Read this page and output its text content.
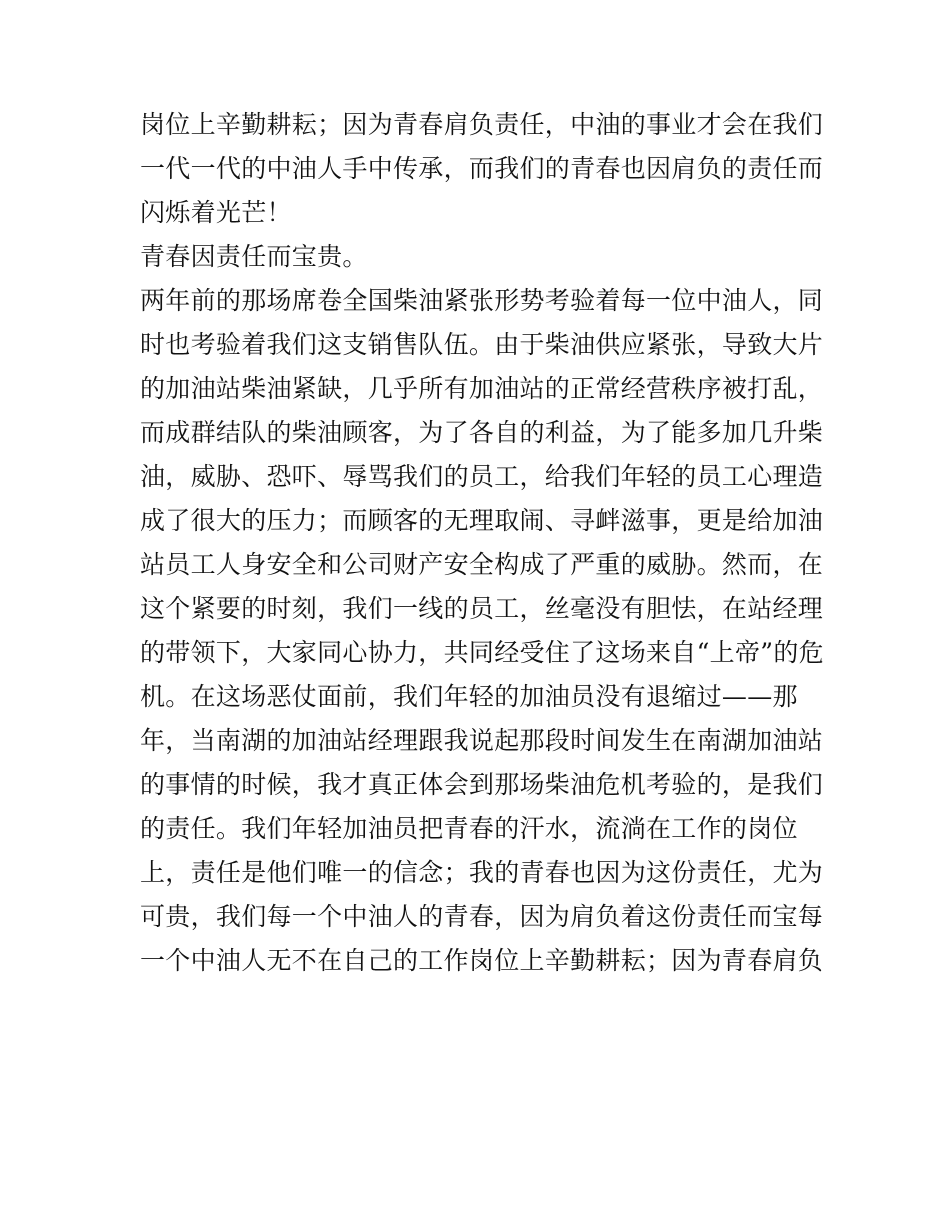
岗位上辛勤耕耘；因为青春肩负责任，中油的事业才会在我们
一代一代的中油人手中传承，而我们的青春也因肩负的责任而
闪烁着光芒！
青春因责任而宝贵。
两年前的那场席卷全国柴油紧张形势考验着每一位中油人，同
时也考验着我们这支销售队伍。由于柴油供应紧张，导致大片
的加油站柴油紧缺，几乎所有加油站的正常经营秩序被打乱，
而成群结队的柴油顾客，为了各自的利益，为了能多加几升柴
油，威胁、恐吓、辱骂我们的员工，给我们年轻的员工心理造
成了很大的压力；而顾客的无理取闹、寻衅滋事，更是给加油
站员工人身安全和公司财产安全构成了严重的威胁。然而，在
这个紧要的时刻，我们一线的员工，丝毫没有胆怯，在站经理
的带领下，大家同心协力，共同经受住了这场来自“上帝”的危
机。在这场恶仗面前，我们年轻的加油员没有退缩过——那
年，当南湖的加油站经理跟我说起那段时间发生在南湖加油站
的事情的时候，我才真正体会到那场柴油危机考验的，是我们
的责任。我们年轻加油员把青春的汗水，流淌在工作的岗位
上，责任是他们唯一的信念；我的青春也因为这份责任，尤为
可贵，我们每一个中油人的青春，因为肩负着这份责任而宝每
一个中油人无不在自己的工作岗位上辛勤耕耘；因为青春肩负
